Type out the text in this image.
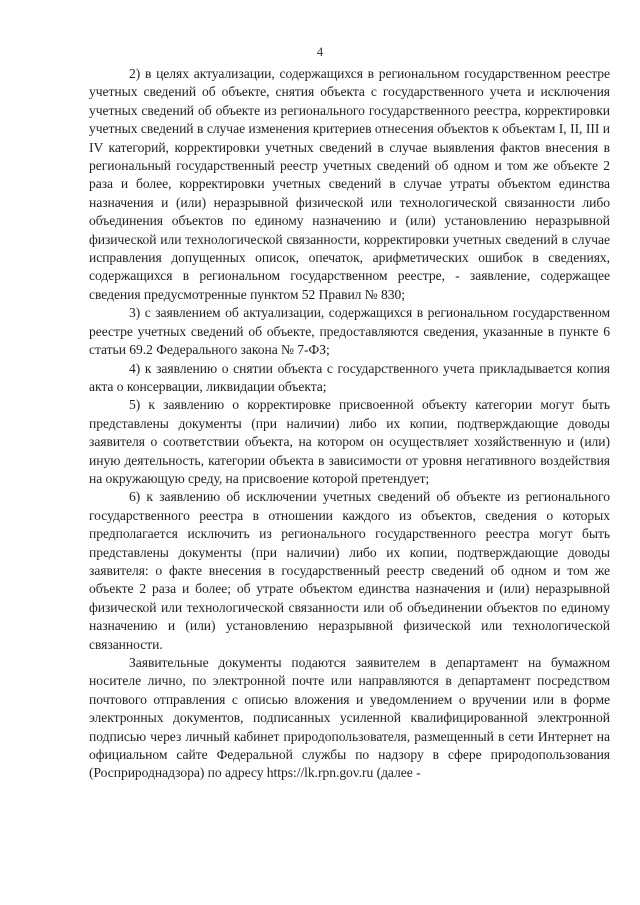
4

2) в целях актуализации, содержащихся в региональном государственном реестре учетных сведений об объекте, снятия объекта с государственного учета и исключения учетных сведений об объекте из регионального государственного реестра, корректировки учетных сведений в случае изменения критериев отнесения объектов к объектам I, II, III и IV категорий, корректировки учетных сведений в случае выявления фактов внесения в региональный государственный реестр учетных сведений об одном и том же объекте 2 раза и более, корректировки учетных сведений в случае утраты объектом единства назначения и (или) неразрывной физической или технологической связанности либо объединения объектов по единому назначению и (или) установлению неразрывной физической или технологической связанности, корректировки учетных сведений в случае исправления допущенных описок, опечаток, арифметических ошибок в сведениях, содержащихся в региональном государственном реестре, - заявление, содержащее сведения предусмотренные пунктом 52 Правил № 830;

3) с заявлением об актуализации, содержащихся в региональном государственном реестре учетных сведений об объекте, предоставляются сведения, указанные в пункте 6 статьи 69.2 Федерального закона № 7-ФЗ;

4) к заявлению о снятии объекта с государственного учета прикладывается копия акта о консервации, ликвидации объекта;

5) к заявлению о корректировке присвоенной объекту категории могут быть представлены документы (при наличии) либо их копии, подтверждающие доводы заявителя о соответствии объекта, на котором он осуществляет хозяйственную и (или) иную деятельность, категории объекта в зависимости от уровня негативного воздействия на окружающую среду, на присвоение которой претендует;

6) к заявлению об исключении учетных сведений об объекте из регионального государственного реестра в отношении каждого из объектов, сведения о которых предполагается исключить из регионального государственного реестра могут быть представлены документы (при наличии) либо их копии, подтверждающие доводы заявителя: о факте внесения в государственный реестр сведений об одном и том же объекте 2 раза и более; об утрате объектом единства назначения и (или) неразрывной физической или технологической связанности или об объединении объектов по единому назначению и (или) установлению неразрывной физической или технологической связанности.

Заявительные документы подаются заявителем в департамент на бумажном носителе лично, по электронной почте или направляются в департамент посредством почтового отправления с описью вложения и уведомлением о вручении или в форме электронных документов, подписанных усиленной квалифицированной электронной подписью через личный кабинет природопользователя, размещенный в сети Интернет на официальном сайте Федеральной службы по надзору в сфере природопользования (Росприроднадзора) по адресу https://lk.rpn.gov.ru (далее -
